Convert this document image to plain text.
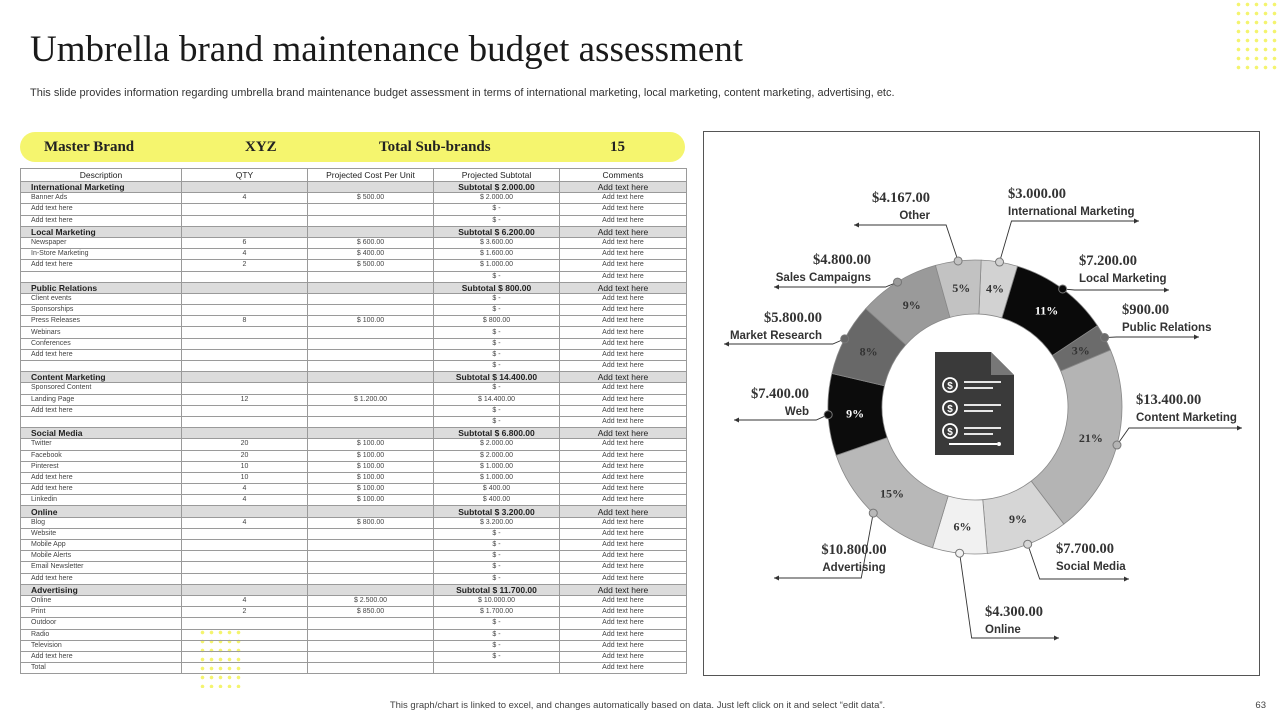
Umbrella brand maintenance budget assessment

This slide provides information regarding umbrella brand maintenance budget assessment in terms of international marketing, local marketing, content marketing, advertising, etc.

Master Brand	XYZ	Total Sub-brands	15
Description	QTY	Projected Cost Per Unit	Projected Subtotal	Comments
International Marketing			Subtotal $ 2.000.00	Add text here
Banner Ads	4	$ 500.00	$ 2.000.00	Add text here
Add text here			$ -	Add text here
Add text here			$ -	Add text here
Local Marketing			Subtotal $ 6.200.00	Add text here
Newspaper	6	$ 600.00	$ 3.600.00	Add text here
In-Store Marketing	4	$ 400.00	$ 1.600.00	Add text here
Add text here	2	$ 500.00	$ 1.000.00	Add text here
			$ -	Add text here
Public Relations			Subtotal $ 800.00	Add text here
Client events			$ -	Add text here
Sponsorships			$ -	Add text here
Press Releases	8	$ 100.00	$ 800.00	Add text here
Webinars			$ -	Add text here
Conferences			$ -	Add text here
Add text here			$ -	Add text here
			$ -	Add text here
Content Marketing			Subtotal $ 14.400.00	Add text here
Sponsored Content			$ -	Add text here
Landing Page	12	$ 1.200.00	$ 14.400.00	Add text here
Add text here			$ -	Add text here
			$ -	Add text here
Social Media			Subtotal $ 6.800.00	Add text here
Twitter	20	$ 100.00	$ 2.000.00	Add text here
Facebook	20	$ 100.00	$ 2.000.00	Add text here
Pinterest	10	$ 100.00	$ 1.000.00	Add text here
Add text here	10	$ 100.00	$ 1.000.00	Add text here
Add text here	4	$ 100.00	$ 400.00	Add text here
Linkedin	4	$ 100.00	$ 400.00	Add text here
Online			Subtotal $ 3.200.00	Add text here
Blog	4	$ 800.00	$ 3.200.00	Add text here
Website			$ -	Add text here
Mobile App			$ -	Add text here
Mobile Alerts			$ -	Add text here
Email Newsletter			$ -	Add text here
Add text here			$ -	Add text here
Advertising			Subtotal $ 11.700.00	Add text here
Online	4	$ 2.500.00	$ 10.000.00	Add text here
Print	2	$ 850.00	$ 1.700.00	Add text here
Outdoor			$ -	Add text here
Radio			$ -	Add text here
Television			$ -	Add text here
Add text here			$ -	Add text here
Total				Add text here
4%
$3.000.00
International Marketing
11%
$7.200.00
Local Marketing
3%
$900.00
Public Relations
21%
$13.400.00
Content Marketing
9%
$7.700.00
Social Media
6%
$4.300.00
Online
15%
$10.800.00
Advertising
9%
$7.400.00
Web
8%
$5.800.00
Market Research
9%
$4.800.00
Sales Campaigns
5%
$4.167.00
Other
$
$
$
This graph/chart is linked to excel, and changes automatically based on data. Just left click on it and select “edit data”.	63
